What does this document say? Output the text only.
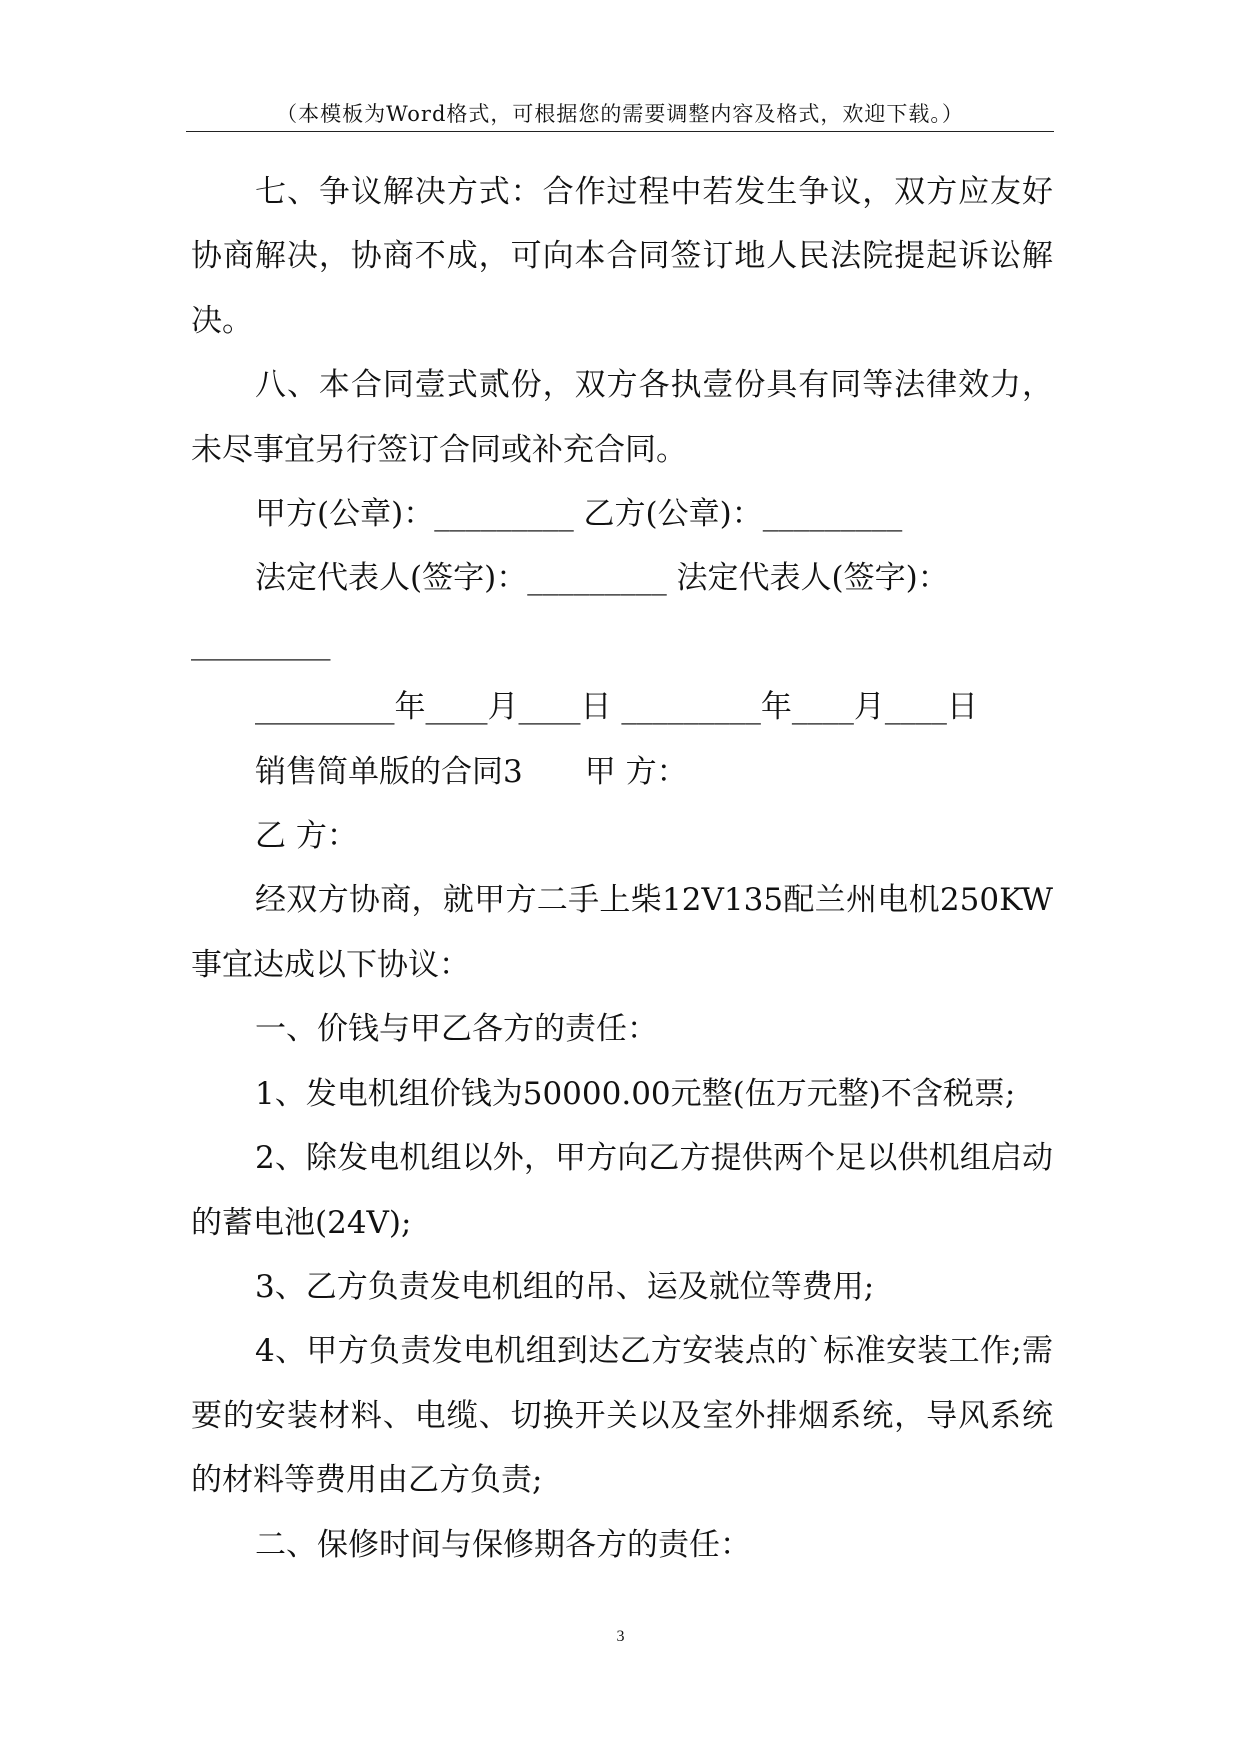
（本模板为Word格式，可根据您的需要调整内容及格式，欢迎下载。）

七、争议解决方式：合作过程中若发生争议，双方应友好协商解决，协商不成，可向本合同签订地人民法院提起诉讼解决。

八、本合同壹式贰份，双方各执壹份具有同等法律效力，未尽事宜另行签订合同或补充合同。

甲方(公章)：_________ 乙方(公章)：_________

法定代表人(签字)：_________ 法定代表人(签字)：

_________

_________年____月____日 _________年____月____日

销售简单版的合同3　　甲 方：

乙 方：

经双方协商，就甲方二手上柴12V135配兰州电机250KW事宜达成以下协议：

一、价钱与甲乙各方的责任：

1、发电机组价钱为50000.00元整(伍万元整)不含税票;

2、除发电机组以外，甲方向乙方提供两个足以供机组启动的蓄电池(24V);

3、乙方负责发电机组的吊、运及就位等费用;

4、甲方负责发电机组到达乙方安装点的`标准安装工作;需要的安装材料、电缆、切换开关以及室外排烟系统，导风系统的材料等费用由乙方负责;

二、保修时间与保修期各方的责任：

3
